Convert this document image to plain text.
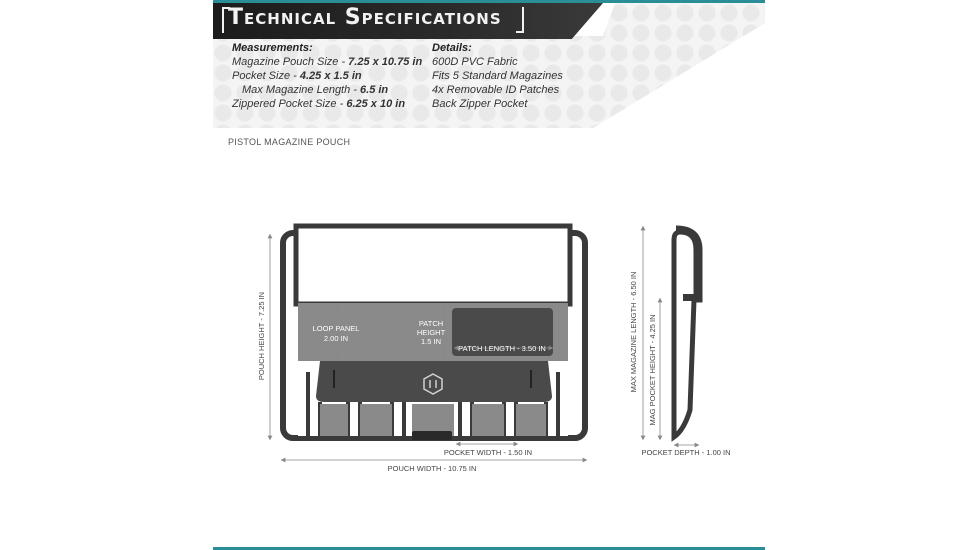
Technical Specifications
Measurements:
Magazine Pouch Size - 7.25 x 10.75 in
Pocket Size - 4.25 x 1.5 in
Max Magazine Length - 6.5 in
Zippered Pocket Size - 6.25 x 10 in
Details:
600D PVC Fabric
Fits 5 Standard Magazines
4x Removable ID Patches
Back Zipper Pocket
PISTOL MAGAZINE POUCH
POUCH HEIGHT - 7.25 IN	LOOP PANEL
2.00 IN
PATCH
HEIGHT
1.5 IN
PATCH LENGTH - 3.50 IN
POCKET WIDTH - 1.50 IN
POUCH WIDTH - 10.75 IN
MAX MAGAZINE LENGTH - 6.50 IN MAG POCKET HEIGHT - 4.25 IN
POCKET DEPTH - 1.00 IN
